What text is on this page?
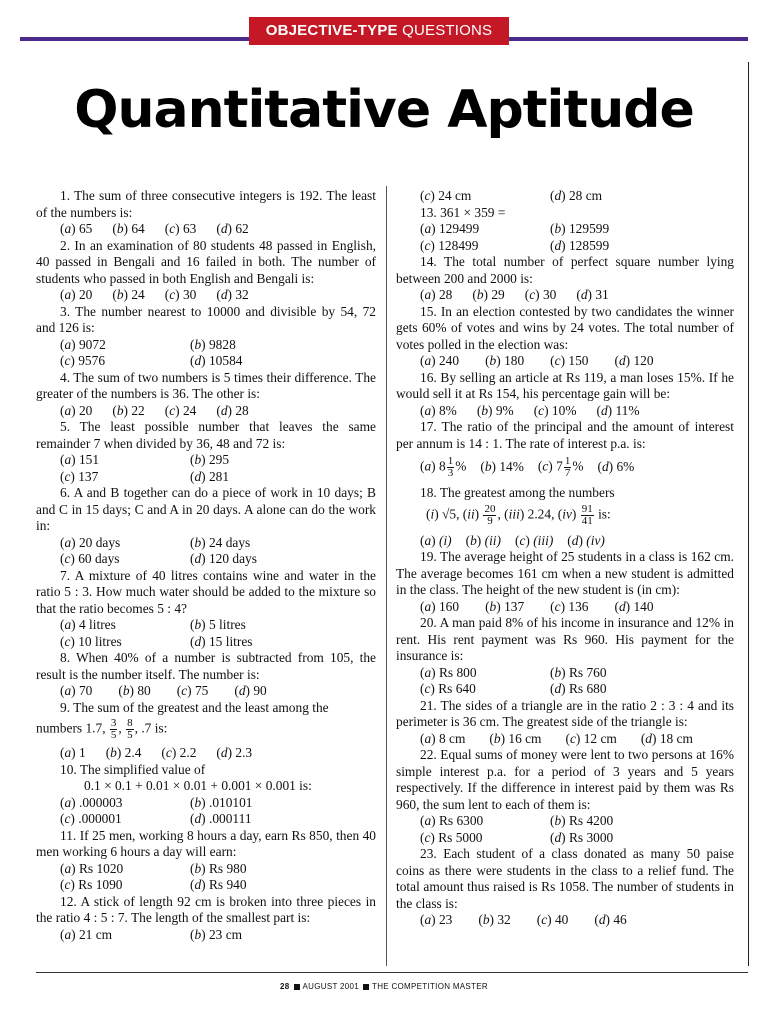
OBJECTIVE-TYPE QUESTIONS
Quantitative Aptitude

1. The sum of three consecutive integers is 192. The least of the numbers is:

(a) 65 (b) 64 (c) 63 (d) 62

2. In an examination of 80 students 48 passed in English, 40 passed in Bengali and 16 failed in both. The number of students who passed in both English and Bengali is:

(a) 20 (b) 24 (c) 30 (d) 32

3. The number nearest to 10000 and divisible by 54, 72 and 126 is:

(a) 9072	(b) 9828
(c) 9576	(d) 10584

4. The sum of two numbers is 5 times their difference. The greater of the numbers is 36. The other is:

(a) 20 (b) 22 (c) 24 (d) 28

5. The least possible number that leaves the same remainder 7 when divided by 36, 48 and 72 is:

(a) 151	(b) 295
(c) 137	(d) 281

6. A and B together can do a piece of work in 10 days; B and C in 15 days; C and A in 20 days. A alone can do the work in:

(a) 20 days	(b) 24 days
(c) 60 days	(d) 120 days

7. A mixture of 40 litres contains wine and water in the ratio 5 : 3. How much water should be added to the mixture so that the ratio becomes 5 : 4?

(a) 4 litres	(b) 5 litres
(c) 10 litres	(d) 15 litres

8. When 40% of a number is subtracted from 105, the result is the number itself. The number is:

(a) 70 (b) 80 (c) 75 (d) 90

9. The sum of the greatest and the least among the

numbers 1.7, $\frac{3}{5}$ , $\frac{8}{5}$ , .7 is:

(a) 1 (b) 2.4 (c) 2.2 (d) 2.3

10. The simplified value of

0.1 × 0.1 + 0.01 × 0.01 + 0.001 × 0.001 is:

(a) .000003	(b) .010101
(c) .000001	(d) .000111

11. If 25 men, working 8 hours a day, earn Rs 850, then 40 men working 6 hours a day will earn:

(a) Rs 1020	(b) Rs 980
(c) Rs 1090	(d) Rs 940

12. A stick of length 92 cm is broken into three pieces in the ratio 4 : 5 : 7. The length of the smallest part is:

(a) 21 cm	(b) 23 cm
(c) 24 cm	(d) 28 cm

13. 361 × 359 =

(a) 129499	(b) 129599
(c) 128499	(d) 128599

14. The total number of perfect square number lying between 200 and 2000 is:

(a) 28 (b) 29 (c) 30 (d) 31

15. In an election contested by two candidates the winner gets 60% of votes and wins by 24 votes. The total number of votes polled in the election was:

(a) 240 (b) 180 (c) 150 (d) 120

16. By selling an article at Rs 119, a man loses 15%. If he would sell it at Rs 154, his percentage gain will be:

(a) 8% (b) 9% (c) 10% (d) 11%

17. The ratio of the principal and the amount of interest per annum is 14 : 1. The rate of interest p.a. is:

(a) $8 \frac{1}{3}$ % (b) 14% (c) $7 \frac{1}{7}$ % (d) 6%

18. The greatest among the numbers

(i) √5, $(ii) \frac{20}{9}$ , (iii) 2.24, $(iv) \frac{91}{41}$ is:

(a) (i) (b) (ii) (c) (iii) (d) (iv)

19. The average height of 25 students in a class is 162 cm. The average becomes 161 cm when a new student is admitted in the class. The height of the new student is (in cm):

(a) 160 (b) 137 (c) 136 (d) 140

20. A man paid 8% of his income in insurance and 12% in rent. His rent payment was Rs 960. His payment for the insurance is:

(a) Rs 800	(b) Rs 760
(c) Rs 640	(d) Rs 680

21. The sides of a triangle are in the ratio 2 : 3 : 4 and its perimeter is 36 cm. The greatest side of the triangle is:

(a) 8 cm (b) 16 cm (c) 12 cm (d) 18 cm

22. Equal sums of money were lent to two persons at 16% simple interest p.a. for a period of 3 years and 5 years respectively. If the difference in interest paid by them was Rs 960, the sum lent to each of them is:

(a) Rs 6300	(b) Rs 4200
(c) Rs 5000	(d) Rs 3000

23. Each student of a class donated as many 50 paise coins as there were students in the class to a relief fund. The total amount thus raised is Rs 1058. The number of students in the class is:

(a) 23 (b) 32 (c) 40 (d) 46
28 AUGUST 2001 THE COMPETITION MASTER
